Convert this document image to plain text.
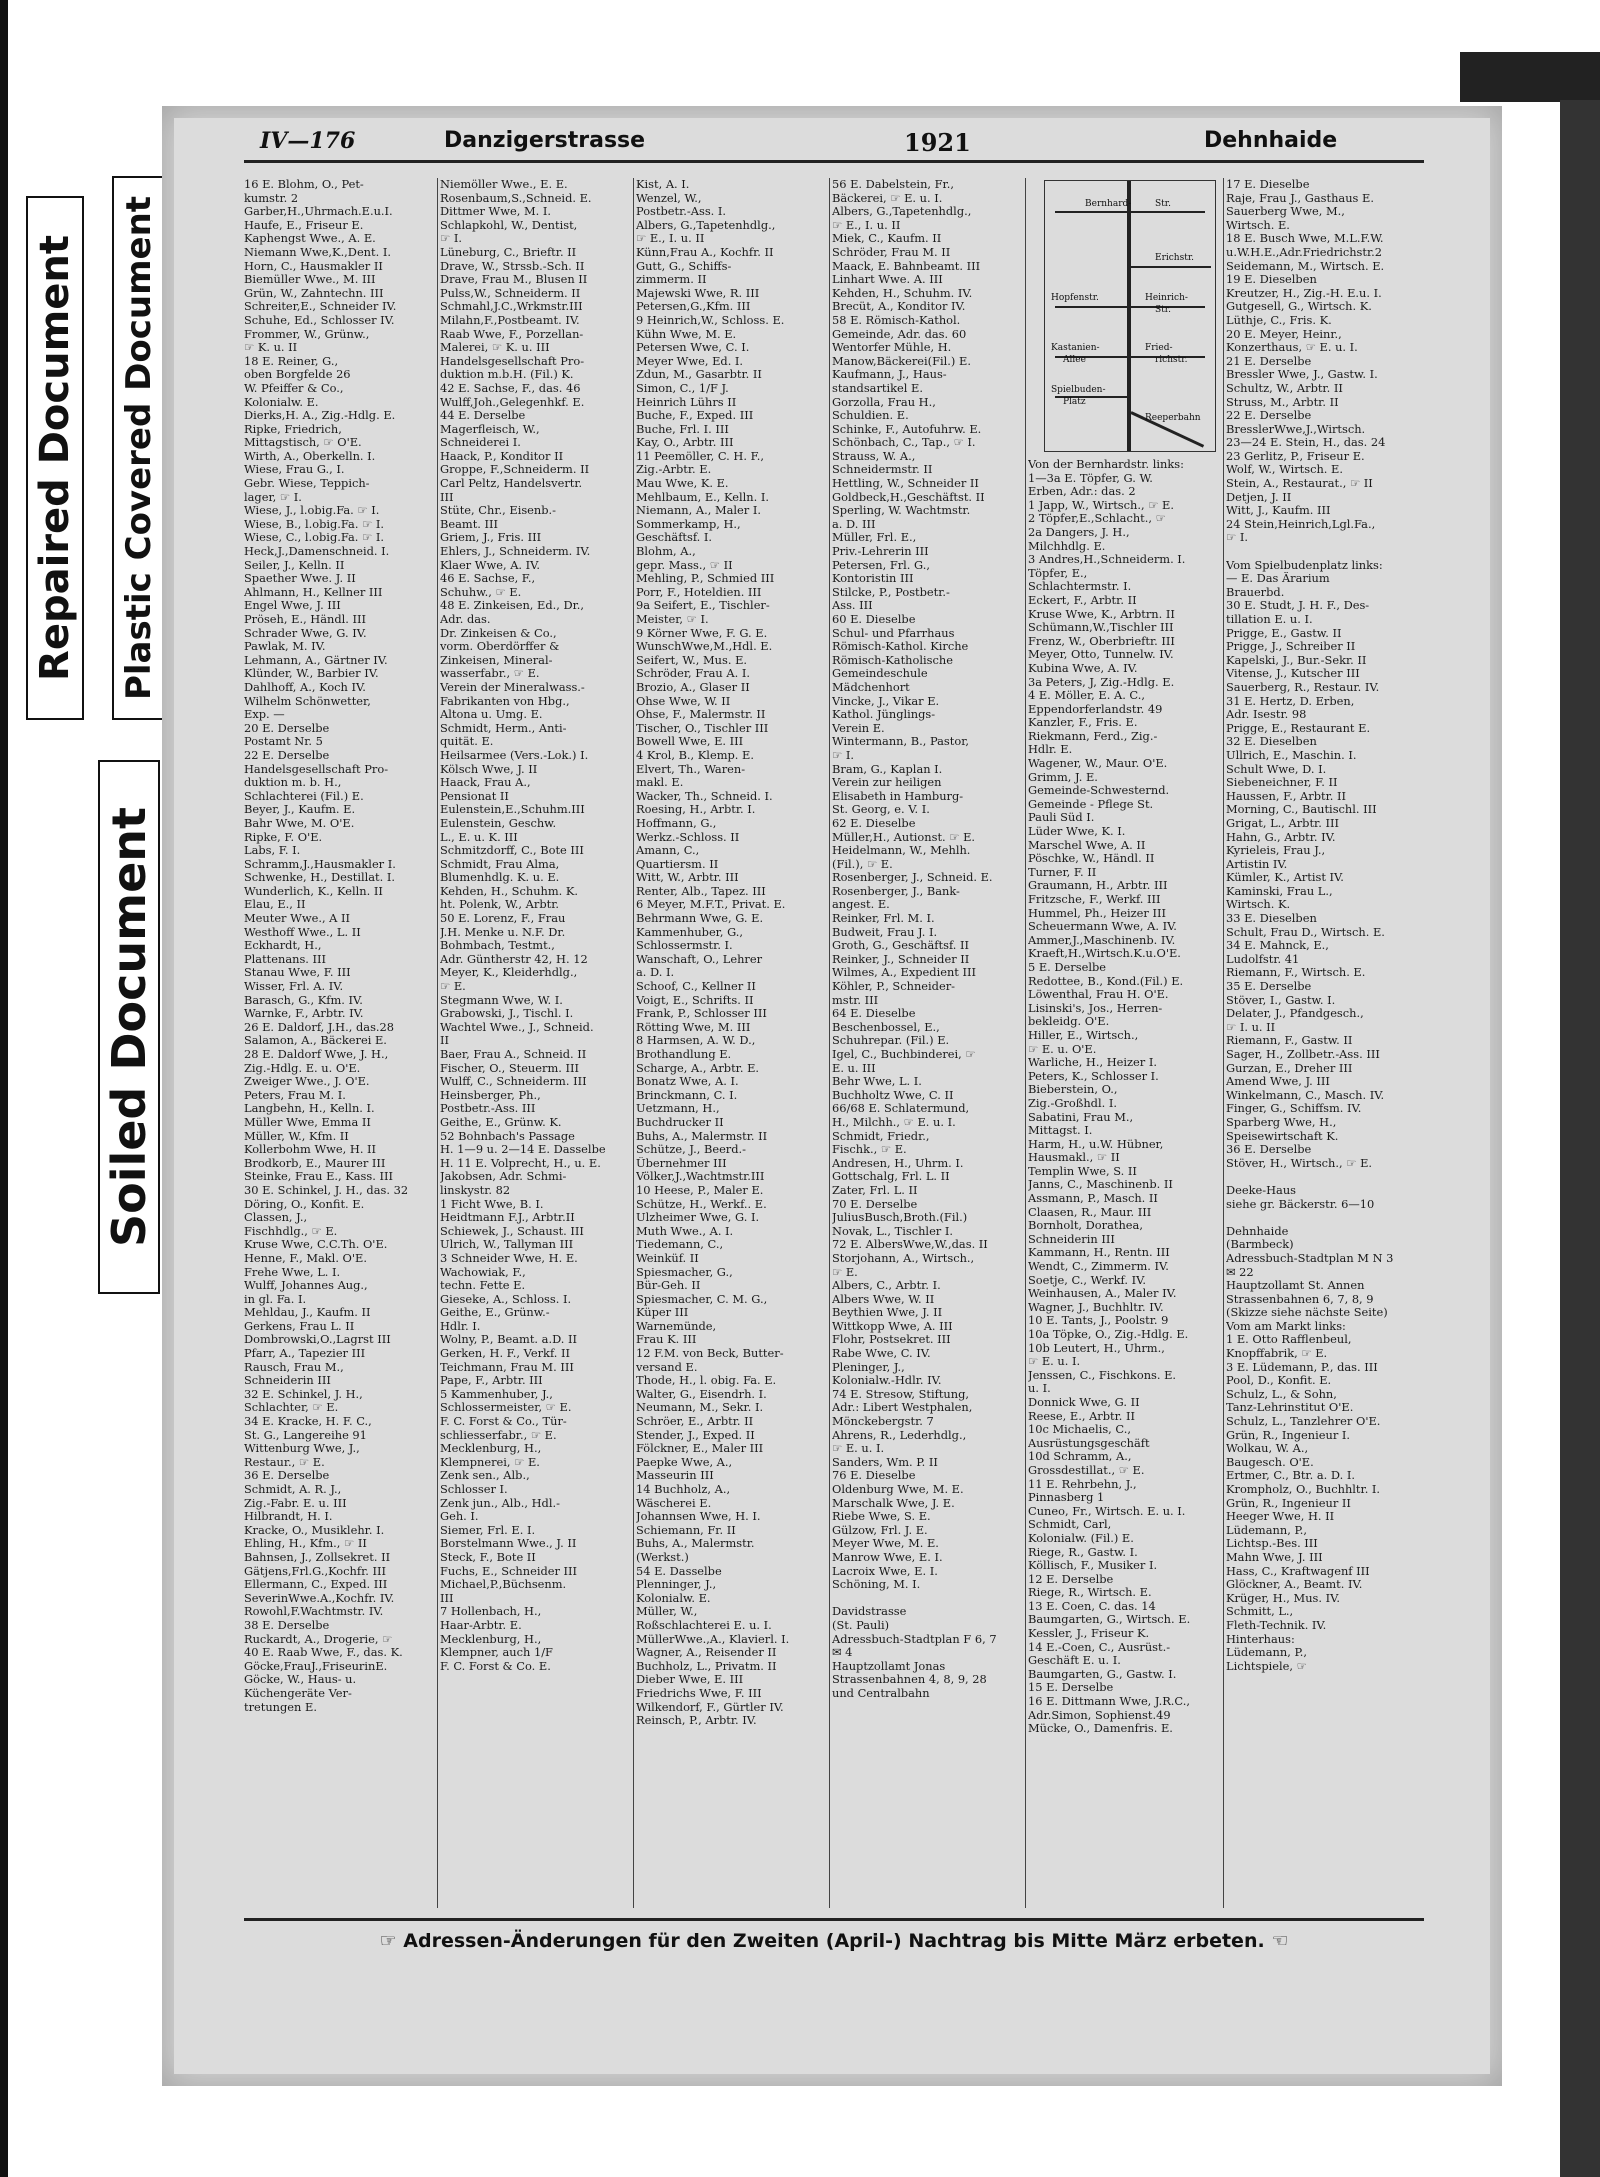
Repaired Document Plastic Covered Document
Soiled Document
IV—176	Danzigerstrasse	1921	Dehnhaide
16 E. Blohm, O., Pet-
kumstr. 2
Garber,H.,Uhrmach.E.u.I.
Haufe, E., Friseur E.
Kaphengst Wwe., A. E.
Niemann Wwe,K.,Dent. I.
Horn, C., Hausmakler II
Biemüller Wwe., M. III
Grün, W., Zahntechn. III
Schreiter,E., Schneider IV.
Schuhe, Ed., Schlosser IV.
Frommer, W., Grünw.,
☞ K. u. II
18 E. Reiner, G.,
oben Borgfelde 26
W. Pfeiffer & Co.,
Kolonialw. E.
Dierks,H. A., Zig.-Hdlg. E.
Ripke, Friedrich,
Mittagstisch, ☞ O'E.
Wirth, A., Oberkelln. I.
Wiese, Frau G., I.
Gebr. Wiese, Teppich-
lager, ☞ I.
Wiese, J., l.obig.Fa. ☞ I.
Wiese, B., l.obig.Fa. ☞ I.
Wiese, C., l.obig.Fa. ☞ I.
Heck,J.,Damenschneid. I.
Seiler, J., Kelln. II
Spaether Wwe. J. II
Ahlmann, H., Kellner III
Engel Wwe, J. III
Pröseh, E., Händl. III
Schrader Wwe, G. IV.
Pawlak, M. IV.
Lehmann, A., Gärtner IV.
Klünder, W., Barbier IV.
Dahlhoff, A., Koch IV.
Wilhelm Schönwetter,
Exp. —
20 E. Derselbe
Postamt Nr. 5
22 E. Derselbe
Handelsgesellschaft Pro-
duktion m. b. H.,
Schlachterei (Fil.) E.
Beyer, J., Kaufm. E.
Bahr Wwe, M. O'E.
Ripke, F. O'E.
Labs, F. I.
Schramm,J.,Hausmakler I.
Schwenke, H., Destillat. I.
Wunderlich, K., Kelln. II
Elau, E., II
Meuter Wwe., A II
Westhoff Wwe., L. II
Eckhardt, H.,
Plattenans. III
Stanau Wwe, F. III
Wisser, Frl. A. IV.
Barasch, G., Kfm. IV.
Warnke, F., Arbtr. IV.
26 E. Daldorf, J.H., das.28
Salamon, A., Bäckerei E.
28 E. Daldorf Wwe, J. H.,
Zig.-Hdlg. E. u. O'E.
Zweiger Wwe., J. O'E.
Peters, Frau M. I.
Langbehn, H., Kelln. I.
Müller Wwe, Emma II
Müller, W., Kfm. II
Kollerbohm Wwe, H. II
Brodkorb, E., Maurer III
Steinke, Frau E., Kass. III
30 E. Schinkel, J. H., das. 32
Döring, O., Konfit. E.
Classen, J.,
Fischhdlg., ☞ E.
Kruse Wwe, C.C.Th. O'E.
Henne, F., Makl. O'E.
Frehe Wwe, L. I.
Wulff, Johannes Aug.,
in gl. Fa. I.
Mehldau, J., Kaufm. II
Gerkens, Frau L. II
Dombrowski,O.,Lagrst III
Pfarr, A., Tapezier III
Rausch, Frau M.,
Schneiderin III
32 E. Schinkel, J. H.,
Schlachter, ☞ E.
34 E. Kracke, H. F. C.,
St. G., Langereihe 91
Wittenburg Wwe, J.,
Restaur., ☞ E.
36 E. Derselbe
Schmidt, A. R. J.,
Zig.-Fabr. E. u. III
Hilbrandt, H. I.
Kracke, O., Musiklehr. I.
Ehling, H., Kfm., ☞ II
Bahnsen, J., Zollsekret. II
Gätjens,Frl.G.,Kochfr. III
Ellermann, C., Exped. III
SeverinWwe.A.,Kochfr. IV.
Rowohl,F.Wachtmstr. IV.
38 E. Derselbe
Ruckardt, A., Drogerie, ☞
40 E. Raab Wwe, F., das. K.
Göcke,FrauJ.,FriseurinE.
Göcke, W., Haus- u.
Küchengeräte Ver-
tretungen E.
Niemöller Wwe., E. E.
Rosenbaum,S.,Schneid. E.
Dittmer Wwe, M. I.
Schlapkohl, W., Dentist,
☞ I.
Lüneburg, C., Brieftr. II
Drave, W., Strssb.-Sch. II
Drave, Frau M., Blusen II
Pulss,W., Schneiderm. II
Schmahl,J.C.,Wrkmstr.III
Milahn,F.,Postbeamt. IV.
Raab Wwe, F., Porzellan-
Malerei, ☞ K. u. III
Handelsgesellschaft Pro-
duktion m.b.H. (Fil.) K.
42 E. Sachse, F., das. 46
Wulff,Joh.,Gelegenhkf. E.
44 E. Derselbe
Magerfleisch, W.,
Schneiderei I.
Haack, P., Konditor II
Groppe, F.,Schneiderm. II
Carl Peltz, Handelsvertr.
III
Stüte, Chr., Eisenb.-
Beamt. III
Griem, J., Fris. III
Ehlers, J., Schneiderm. IV.
Klaer Wwe, A. IV.
46 E. Sachse, F.,
Schuhw., ☞ E.
48 E. Zinkeisen, Ed., Dr.,
Adr. das.
Dr. Zinkeisen & Co.,
vorm. Oberdörffer &
Zinkeisen, Mineral-
wasserfabr., ☞ E.
Verein der Mineralwass.-
Fabrikanten von Hbg.,
Altona u. Umg. E.
Schmidt, Herm., Anti-
quität. E.
Heilsarmee (Vers.-Lok.) I.
Kölsch Wwe, J. II
Haack, Frau A.,
Pensionat II
Eulenstein,E.,Schuhm.III
Eulenstein, Geschw.
L., E. u. K. III
Schmitzdorff, C., Bote III
Schmidt, Frau Alma,
Blumenhdlg. K. u. E.
Kehden, H., Schuhm. K.
ht. Polenk, W., Arbtr.
50 E. Lorenz, F., Frau
J.H. Menke u. N.F. Dr.
Bohmbach, Testmt.,
Adr. Güntherstr 42, H. 12
Meyer, K., Kleiderhdlg.,
☞ E.
Stegmann Wwe, W. I.
Grabowski, J., Tischl. I.
Wachtel Wwe., J., Schneid.
II
Baer, Frau A., Schneid. II
Fischer, O., Steuerm. III
Wulff, C., Schneiderm. III
Heinsberger, Ph.,
Postbetr.-Ass. III
Geithe, E., Grünw. K.
52 Bohnbach's Passage
H. 1—9 u. 2—14 E. Dasselbe
H. 11 E. Volprecht, H., u. E.
Jakobsen, Adr. Schmi-
linskystr. 82
1 Ficht Wwe, B. I.
Heidtmann F.J., Arbtr.II
Schiewek, J., Schaust. III
Ulrich, W., Tallyman III
3 Schneider Wwe, H. E.
Wachowiak, F.,
techn. Fette E.
Gieseke, A., Schloss. I.
Geithe, E., Grünw.-
Hdlr. I.
Wolny, P., Beamt. a.D. II
Gerken, H. F., Verkf. II
Teichmann, Frau M. III
Pape, F., Arbtr. III
5 Kammenhuber, J.,
Schlossermeister, ☞ E.
F. C. Forst & Co., Tür-
schliesserfabr., ☞ E.
Mecklenburg, H.,
Klempnerei, ☞ E.
Zenk sen., Alb.,
Schlosser I.
Zenk jun., Alb., Hdl.-
Geh. I.
Siemer, Frl. E. I.
Borstelmann Wwe., J. II
Steck, F., Bote II
Fuchs, E., Schneider III
Michael,P.,Büchsenm.
III
7 Hollenbach, H.,
Haar-Arbtr. E.
Mecklenburg, H.,
Klempner, auch 1/F
F. C. Forst & Co. E.
Kist, A. I.
Wenzel, W.,
Postbetr.-Ass. I.
Albers, G.,Tapetenhdlg.,
☞ E., I. u. II
Künn,Frau A., Kochfr. II
Gutt, G., Schiffs-
zimmerm. II
Majewski Wwe, R. III
Petersen,G.,Kfm. III
9 Heinrich,W., Schloss. E.
Kühn Wwe, M. E.
Petersen Wwe, C. I.
Meyer Wwe, Ed. I.
Zdun, M., Gasarbtr. II
Simon, C., 1/F J.
Heinrich Lührs II
Buche, F., Exped. III
Buche, Frl. I. III
Kay, O., Arbtr. III
11 Peemöller, C. H. F.,
Zig.-Arbtr. E.
Mau Wwe, K. E.
Mehlbaum, E., Kelln. I.
Niemann, A., Maler I.
Sommerkamp, H.,
Geschäftsf. I.
Blohm, A.,
gepr. Mass., ☞ II
Mehling, P., Schmied III
Porr, F., Hoteldien. III
9a Seifert, E., Tischler-
Meister, ☞ I.
9 Körner Wwe, F. G. E.
WunschWwe,M.,Hdl. E.
Seifert, W., Mus. E.
Schröder, Frau A. I.
Brozio, A., Glaser II
Ohse Wwe, W. II
Ohse, F., Malermstr. II
Tischer, O., Tischler III
Bowell Wwe, E. III
4 Krol, B., Klemp. E.
Elvert, Th., Waren-
makl. E.
Wacker, Th., Schneid. I.
Roesing, H., Arbtr. I.
Hoffmann, G.,
Werkz.-Schloss. II
Amann, C.,
Quartiersm. II
Witt, W., Arbtr. III
Renter, Alb., Tapez. III
6 Meyer, M.F.T., Privat. E.
Behrmann Wwe, G. E.
Kammenhuber, G.,
Schlossermstr. I.
Wanschaft, O., Lehrer
a. D. I.
Schoof, C., Kellner II
Voigt, E., Schrifts. II
Frank, P., Schlosser III
Rötting Wwe, M. III
8 Harmsen, A. W. D.,
Brothandlung E.
Scharge, A., Arbtr. E.
Bonatz Wwe, A. I.
Brinckmann, C. I.
Uetzmann, H.,
Buchdrucker II
Buhs, A., Malermstr. II
Schütze, J., Beerd.-
Übernehmer III
Völker,J.,Wachtmstr.III
10 Heese, P., Maler E.
Schütze, H., Werkf.. E.
Ulzheimer Wwe, G. I.
Muth Wwe., A. I.
Tiedemann, C.,
Weinküf. II
Spiesmacher, G.,
Bür-Geh. II
Spiesmacher, C. M. G.,
Küper III
Warnemünde,
Frau K. III
12 F.M. von Beck, Butter-
versand E.
Thode, H., l. obig. Fa. E.
Walter, G., Eisendrh. I.
Neumann, M., Sekr. I.
Schröer, E., Arbtr. II
Stender, J., Exped. II
Fölckner, E., Maler III
Paepke Wwe, A.,
Masseurin III
14 Buchholz, A.,
Wäscherei E.
Johannsen Wwe, H. I.
Schiemann, Fr. II
Buhs, A., Malermstr.
(Werkst.)
54 E. Dasselbe
Plenninger, J.,
Kolonialw. E.
Müller, W.,
Roßschlachterei E. u. I.
MüllerWwe.,A., Klavierl. I.
Wagner, A., Reisender II
Buchholz, L., Privatm. II
Dieber Wwe, E. III
Friedrichs Wwe, F. III
Wilkendorf, F., Gürtler IV.
Reinsch, P., Arbtr. IV.
56 E. Dabelstein, Fr.,
Bäckerei, ☞ E. u. I.
Albers, G.,Tapetenhdlg.,
☞ E., I. u. II
Miek, C., Kaufm. II
Schröder, Frau M. II
Maack, E. Bahnbeamt. III
Linhart Wwe. A. III
Kehden, H., Schuhm. IV.
Brecüt, A., Konditor IV.
58 E. Römisch-Kathol.
Gemeinde, Adr. das. 60
Wentorfer Mühle, H.
Manow,Bäckerei(Fil.) E.
Kaufmann, J., Haus-
standsartikel E.
Gorzolla, Frau H.,
Schuldien. E.
Schinke, F., Autofuhrw. E.
Schönbach, C., Tap., ☞ I.
Strauss, W. A.,
Schneidermstr. II
Hettling, W., Schneider II
Goldbeck,H.,Geschäftst. II
Sperling, W. Wachtmstr.
a. D. III
Müller, Frl. E.,
Priv.-Lehrerin III
Petersen, Frl. G.,
Kontoristin III
Stilcke, P., Postbetr.-
Ass. III
60 E. Dieselbe
Schul- und Pfarrhaus
Römisch-Kathol. Kirche
Römisch-Katholische
Gemeindeschule
Mädchenhort
Vincke, J., Vikar E.
Kathol. Jünglings-
Verein E.
Wintermann, B., Pastor,
☞ I.
Bram, G., Kaplan I.
Verein zur heiligen
Elisabeth in Hamburg-
St. Georg, e. V. I.
62 E. Dieselbe
Müller,H., Autionst. ☞ E.
Heidelmann, W., Mehlh.
(Fil.), ☞ E.
Rosenberger, J., Schneid. E.
Rosenberger, J., Bank-
angest. E.
Reinker, Frl. M. I.
Budweit, Frau J. I.
Groth, G., Geschäftsf. II
Reinker, J., Schneider II
Wilmes, A., Expedient III
Köhler, P., Schneider-
mstr. III
64 E. Dieselbe
Beschenbossel, E.,
Schuhrepar. (Fil.) E.
Igel, C., Buchbinderei, ☞
E. u. III
Behr Wwe, L. I.
Buchholtz Wwe, C. II
66/68 E. Schlatermund,
H., Milchh., ☞ E. u. I.
Schmidt, Friedr.,
Fischk., ☞ E.
Andresen, H., Uhrm. I.
Gottschalg, Frl. L. II
Zater, Frl. L. II
70 E. Derselbe
JuliusBusch,Broth.(Fil.)
Novak, L., Tischler I.
72 E. AlbersWwe,W.,das. II
Storjohann, A., Wirtsch.,
☞ E.
Albers, C., Arbtr. I.
Albers Wwe, W. II
Beythien Wwe, J. II
Wittkopp Wwe, A. III
Flohr, Postsekret. III
Rabe Wwe, C. IV.
Pleninger, J.,
Kolonialw.-Hdlr. IV.
74 E. Stresow, Stiftung,
Adr.: Libert Westphalen,
Mönckebergstr. 7
Ahrens, R., Lederhdlg.,
☞ E. u. I.
Sanders, Wm. P. II
76 E. Dieselbe
Oldenburg Wwe, M. E.
Marschalk Wwe, J. E.
Riebe Wwe, S. E.
Gülzow, Frl. J. E.
Meyer Wwe, M. E.
Manrow Wwe, E. I.
Lacroix Wwe, E. I.
Schöning, M. I.

Davidstrasse
(St. Pauli)
Adressbuch-Stadtplan F 6, 7
✉ 4
Hauptzollamt Jonas
Strassenbahnen 4, 8, 9, 28
und Centralbahn
Bernhard-	Str.
Erichstr.
Hopfenstr.	Heinrich-
Str.
Kastanien-
Allee
Fried-
richstr.
Spielbuden-
Platz
Reeperbahn
Von der Bernhardstr. links:
1—3a E. Töpfer, G. W.
Erben, Adr.: das. 2
1 Japp, W., Wirtsch., ☞ E.
2 Töpfer,E.,Schlacht., ☞
2a Dangers, J. H.,
Milchhdlg. E.
3 Andres,H.,Schneiderm. I.
Töpfer, E.,
Schlachtermstr. I.
Eckert, F., Arbtr. II
Kruse Wwe, K., Arbtrn. II
Schümann,W.,Tischler III
Frenz, W., Oberbrieftr. III
Meyer, Otto, Tunnelw. IV.
Kubina Wwe, A. IV.
3a Peters, J, Zig.-Hdlg. E.
4 E. Möller, E. A. C.,
Eppendorferlandstr. 49
Kanzler, F., Fris. E.
Riekmann, Ferd., Zig.-
Hdlr. E.
Wagener, W., Maur. O'E.
Grimm, J. E.
Gemeinde-Schwesternd.
Gemeinde - Pflege St.
Pauli Süd I.
Lüder Wwe, K. I.
Marschel Wwe, A. II
Pöschke, W., Händl. II
Turner, F. II
Graumann, H., Arbtr. III
Fritzsche, F., Werkf. III
Hummel, Ph., Heizer III
Scheuermann Wwe, A. IV.
Ammer,J.,Maschinenb. IV.
Kraeft,H.,Wirtsch.K.u.O'E.
5 E. Derselbe
Redottee, B., Kond.(Fil.) E.
Löwenthal, Frau H. O'E.
Lisinski's, Jos., Herren-
bekleidg. O'E.
Hiller, E., Wirtsch.,
☞ E. u. O'E.
Warliche, H., Heizer I.
Peters, K., Schlosser I.
Bieberstein, O.,
Zig.-Großhdl. I.
Sabatini, Frau M.,
Mittagst. I.
Harm, H., u.W. Hübner,
Hausmakl., ☞ II
Templin Wwe, S. II
Janns, C., Maschinenb. II
Assmann, P., Masch. II
Claasen, R., Maur. III
Bornholt, Dorathea,
Schneiderin III
Kammann, H., Rentn. III
Wendt, C., Zimmerm. IV.
Soetje, C., Werkf. IV.
Weinhausen, A., Maler IV.
Wagner, J., Buchhltr. IV.
10 E. Tants, J., Poolstr. 9
10a Töpke, O., Zig.-Hdlg. E.
10b Leutert, H., Uhrm.,
☞ E. u. I.
Jenssen, C., Fischkons. E.
u. I.
Donnick Wwe, G. II
Reese, E., Arbtr. II
10c Michaelis, C.,
Ausrüstungsgeschäft
10d Schramm, A.,
Grossdestillat., ☞ E.
11 E. Rehrbehn, J.,
Pinnasberg 1
Cuneo, Fr., Wirtsch. E. u. I.
Schmidt, Carl,
Kolonialw. (Fil.) E.
Riege, R., Gastw. I.
Köllisch, F., Musiker I.
12 E. Derselbe
Riege, R., Wirtsch. E.
13 E. Coen, C. das. 14
Baumgarten, G., Wirtsch. E.
Kessler, J., Friseur K.
14 E.-Coen, C., Ausrüst.-
Geschäft E. u. I.
Baumgarten, G., Gastw. I.
15 E. Derselbe
16 E. Dittmann Wwe, J.R.C.,
Adr.Simon, Sophienst.49
Mücke, O., Damenfris. E.
17 E. Dieselbe
Raje, Frau J., Gasthaus E.
Sauerberg Wwe, M.,
Wirtsch. E.
18 E. Busch Wwe, M.L.F.W.
u.W.H.E.,Adr.Friedrichstr.2
Seidemann, M., Wirtsch. E.
19 E. Dieselben
Kreutzer, H., Zig.-H. E.u. I.
Gutgesell, G., Wirtsch. K.
Lüthje, C., Fris. K.
20 E. Meyer, Heinr.,
Konzerthaus, ☞ E. u. I.
21 E. Derselbe
Bressler Wwe, J., Gastw. I.
Schultz, W., Arbtr. II
Struss, M., Arbtr. II
22 E. Derselbe
BresslerWwe,J.,Wirtsch.
23—24 E. Stein, H., das. 24
23 Gerlitz, P., Friseur E.
Wolf, W., Wirtsch. E.
Stein, A., Restaurat., ☞ II
Detjen, J. II
Witt, J., Kaufm. III
24 Stein,Heinrich,Lgl.Fa.,
☞ I.

Vom Spielbudenplatz links:
— E. Das Ärarium
Brauerbd.
30 E. Studt, J. H. F., Des-
tillation E. u. I.
Prigge, E., Gastw. II
Prigge, J., Schreiber II
Kapelski, J., Bur.-Sekr. II
Vitense, J., Kutscher III
Sauerberg, R., Restaur. IV.
31 E. Hertz, D. Erben,
Adr. Isestr. 98
Prigge, E., Restaurant E.
32 E. Dieselben
Ullrich, E., Maschin. I.
Schult Wwe, D. I.
Siebeneichner, F. II
Haussen, F., Arbtr. II
Morning, C., Bautischl. III
Grigat, L., Arbtr. III
Hahn, G., Arbtr. IV.
Kyrieleis, Frau J.,
Artistin IV.
Kümler, K., Artist IV.
Kaminski, Frau L.,
Wirtsch. K.
33 E. Dieselben
Schult, Frau D., Wirtsch. E.
34 E. Mahnck, E.,
Ludolfstr. 41
Riemann, F., Wirtsch. E.
35 E. Derselbe
Stöver, I., Gastw. I.
Delater, J., Pfandgesch.,
☞ I. u. II
Riemann, F., Gastw. II
Sager, H., Zollbetr.-Ass. III
Gurzan, E., Dreher III
Amend Wwe, J. III
Winkelmann, C., Masch. IV.
Finger, G., Schiffsm. IV.
Sparberg Wwe, H.,
Speisewirtschaft K.
36 E. Derselbe
Stöver, H., Wirtsch., ☞ E.

Deeke-Haus
siehe gr. Bäckerstr. 6—10

Dehnhaide
(Barmbeck)
Adressbuch-Stadtplan M N 3
✉ 22
Hauptzollamt St. Annen
Strassenbahnen 6, 7, 8, 9
(Skizze siehe nächste Seite)
Vom am Markt links:
1 E. Otto Rafflenbeul,
Knopffabrik, ☞ E.
3 E. Lüdemann, P., das. III
Pool, D., Konfit. E.
Schulz, L., & Sohn,
Tanz-Lehrinstitut O'E.
Schulz, L., Tanzlehrer O'E.
Grün, R., Ingenieur I.
Wolkau, W. A.,
Baugesch. O'E.
Ertmer, C., Btr. a. D. I.
Krompholz, O., Buchhltr. I.
Grün, R., Ingenieur II
Heeger Wwe, H. II
Lüdemann, P.,
Lichtsp.-Bes. III
Mahn Wwe, J. III
Hass, C., Kraftwagenf III
Glöckner, A., Beamt. IV.
Krüger, H., Mus. IV.
Schmitt, L.,
Fleth-Technik. IV.
Hinterhaus:
Lüdemann, P.,
Lichtspiele, ☞
☞ Adressen-Änderungen für den Zweiten (April-) Nachtrag bis Mitte März erbeten. ☜
